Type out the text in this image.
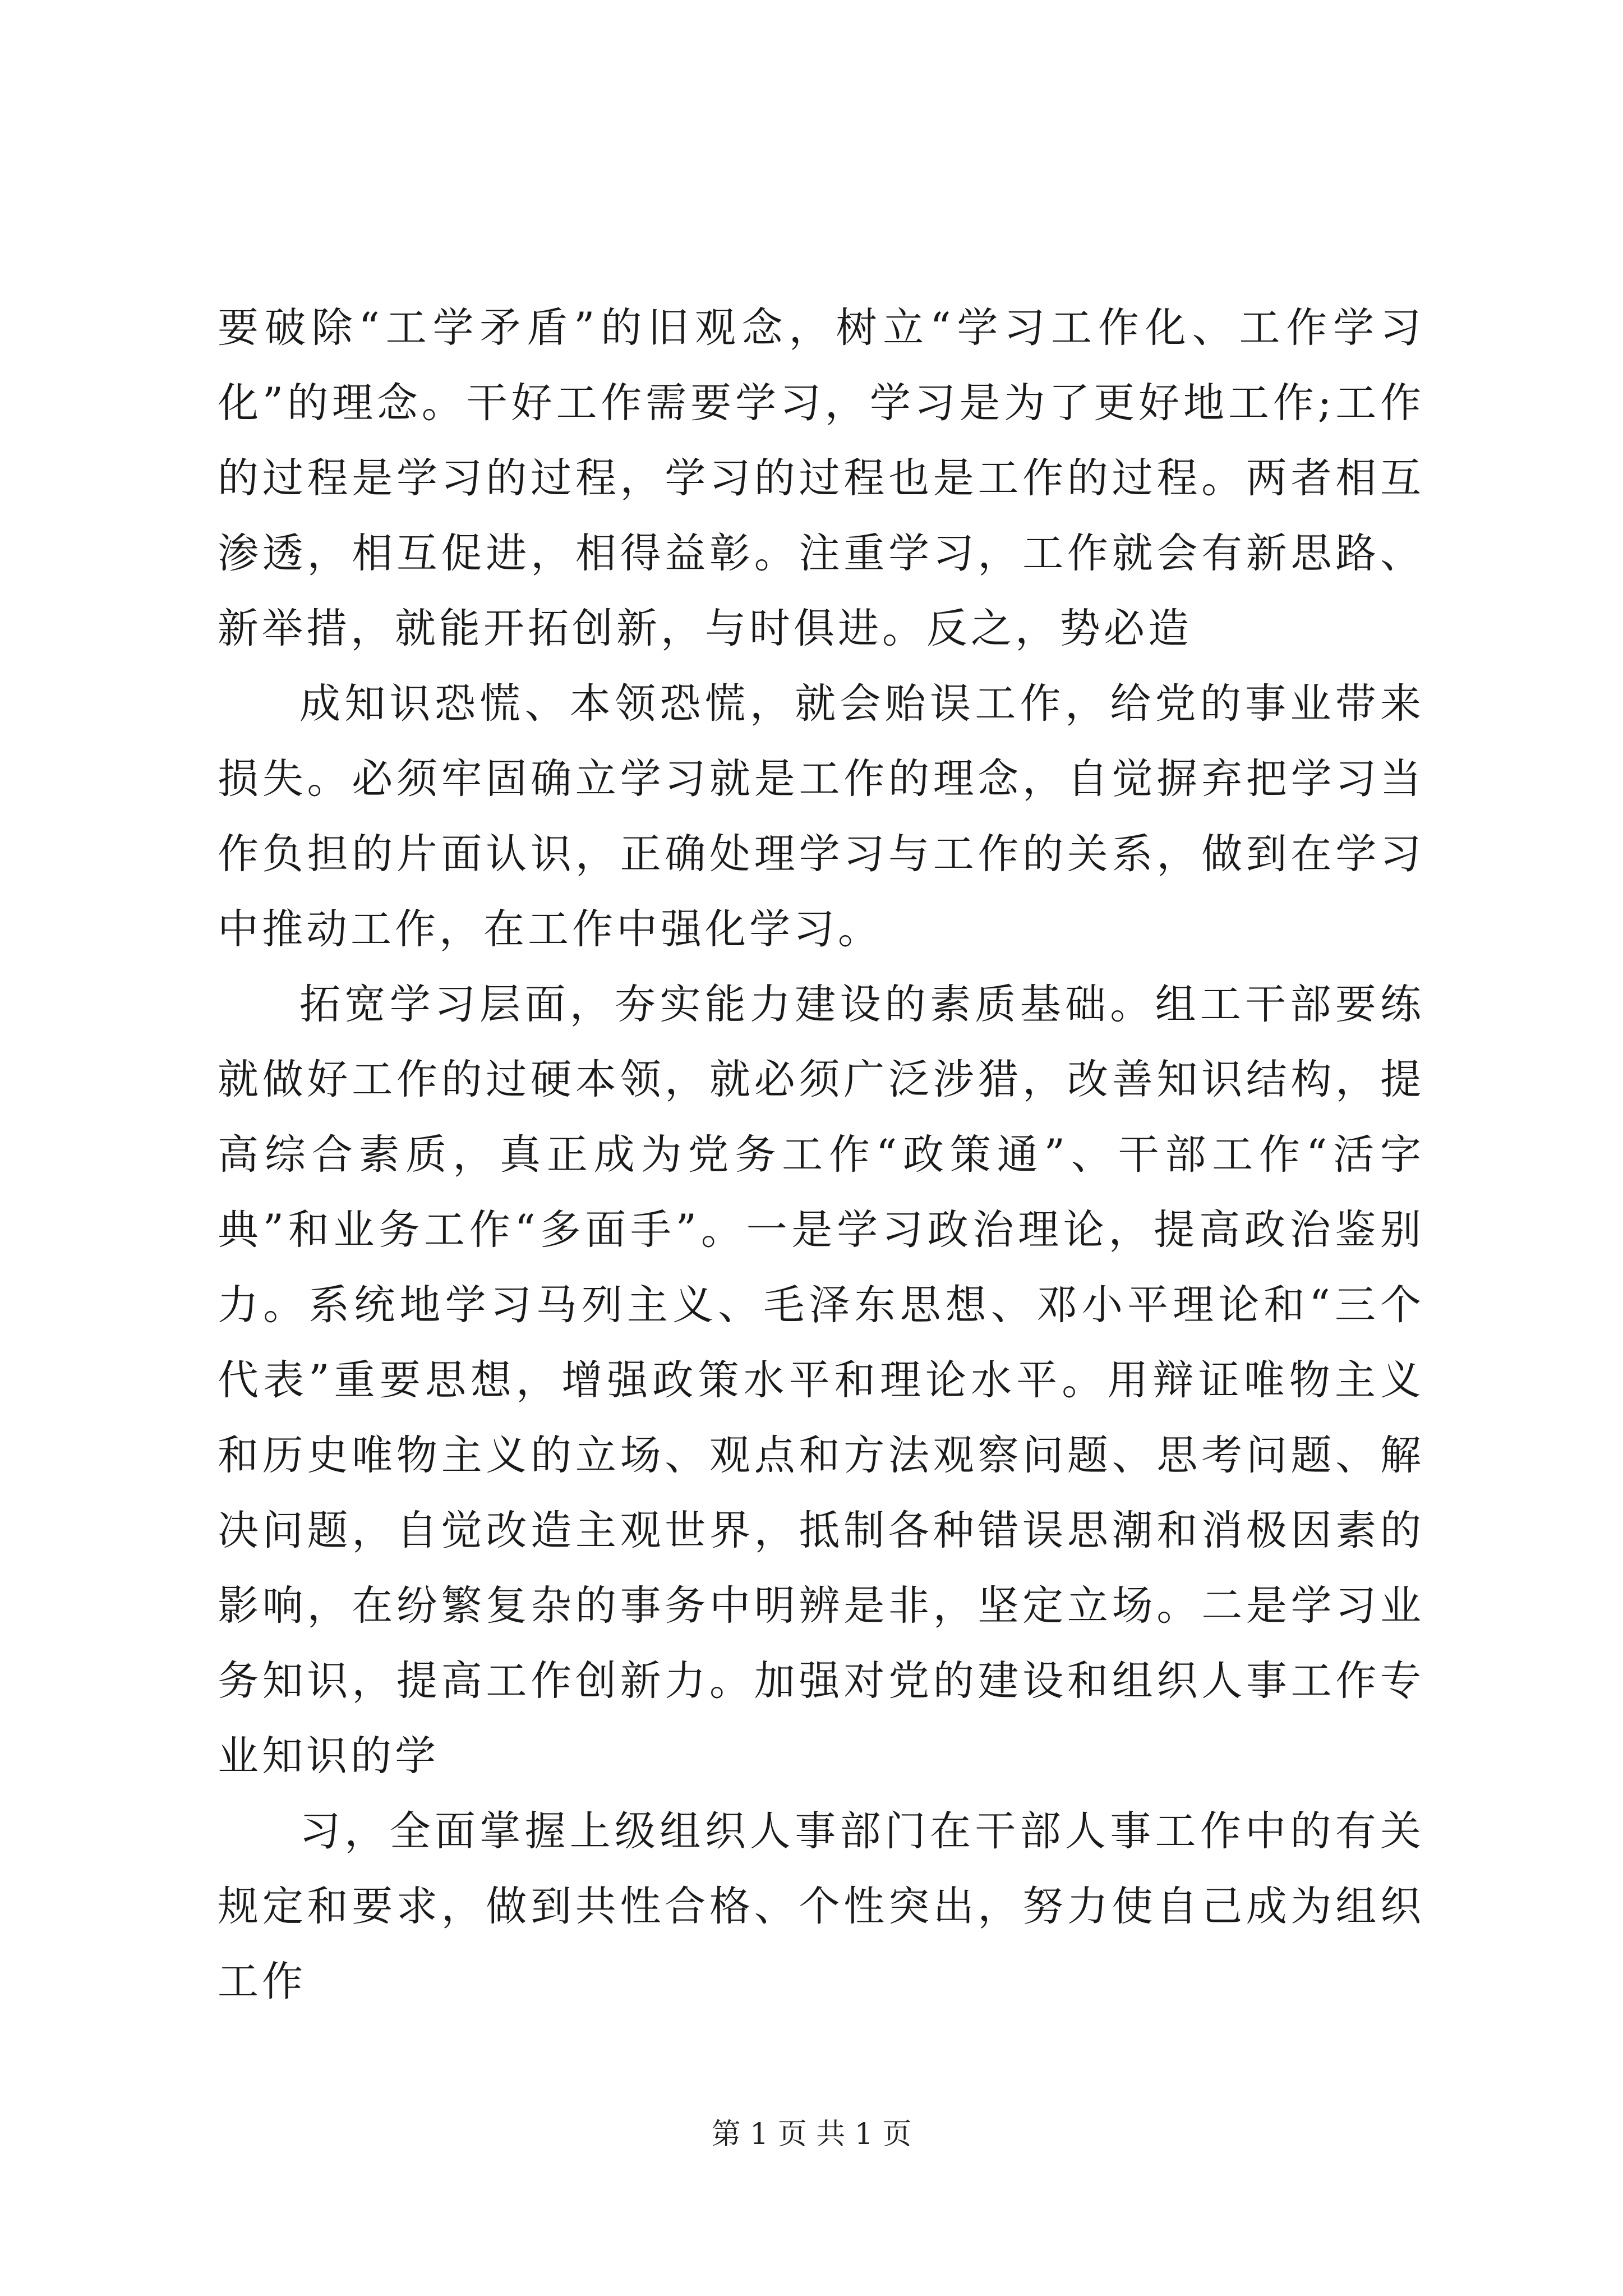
要破除“工学矛盾”的旧观念，树立“学习工作化、工作学习化”的理念。干好工作需要学习，学习是为了更好地工作;工作的过程是学习的过程，学习的过程也是工作的过程。两者相互渗透，相互促进，相得益彰。注重学习，工作就会有新思路、新举措，就能开拓创新，与时俱进。反之，势必造

成知识恐慌、本领恐慌，就会贻误工作，给党的事业带来损失。必须牢固确立学习就是工作的理念，自觉摒弃把学习当作负担的片面认识，正确处理学习与工作的关系，做到在学习中推动工作，在工作中强化学习。

拓宽学习层面，夯实能力建设的素质基础。组工干部要练就做好工作的过硬本领，就必须广泛涉猎，改善知识结构，提高综合素质，真正成为党务工作“政策通”、干部工作“活字典”和业务工作“多面手”。一是学习政治理论，提高政治鉴别力。系统地学习马列主义、毛泽东思想、邓小平理论和“三个代表”重要思想，增强政策水平和理论水平。用辩证唯物主义和历史唯物主义的立场、观点和方法观察问题、思考问题、解决问题，自觉改造主观世界，抵制各种错误思潮和消极因素的影响，在纷繁复杂的事务中明辨是非，坚定立场。二是学习业务知识，提高工作创新力。加强对党的建设和组织人事工作专业知识的学

习，全面掌握上级组织人事部门在干部人事工作中的有关规定和要求，做到共性合格、个性突出，努力使自己成为组织工作

第 1 页 共 1 页
